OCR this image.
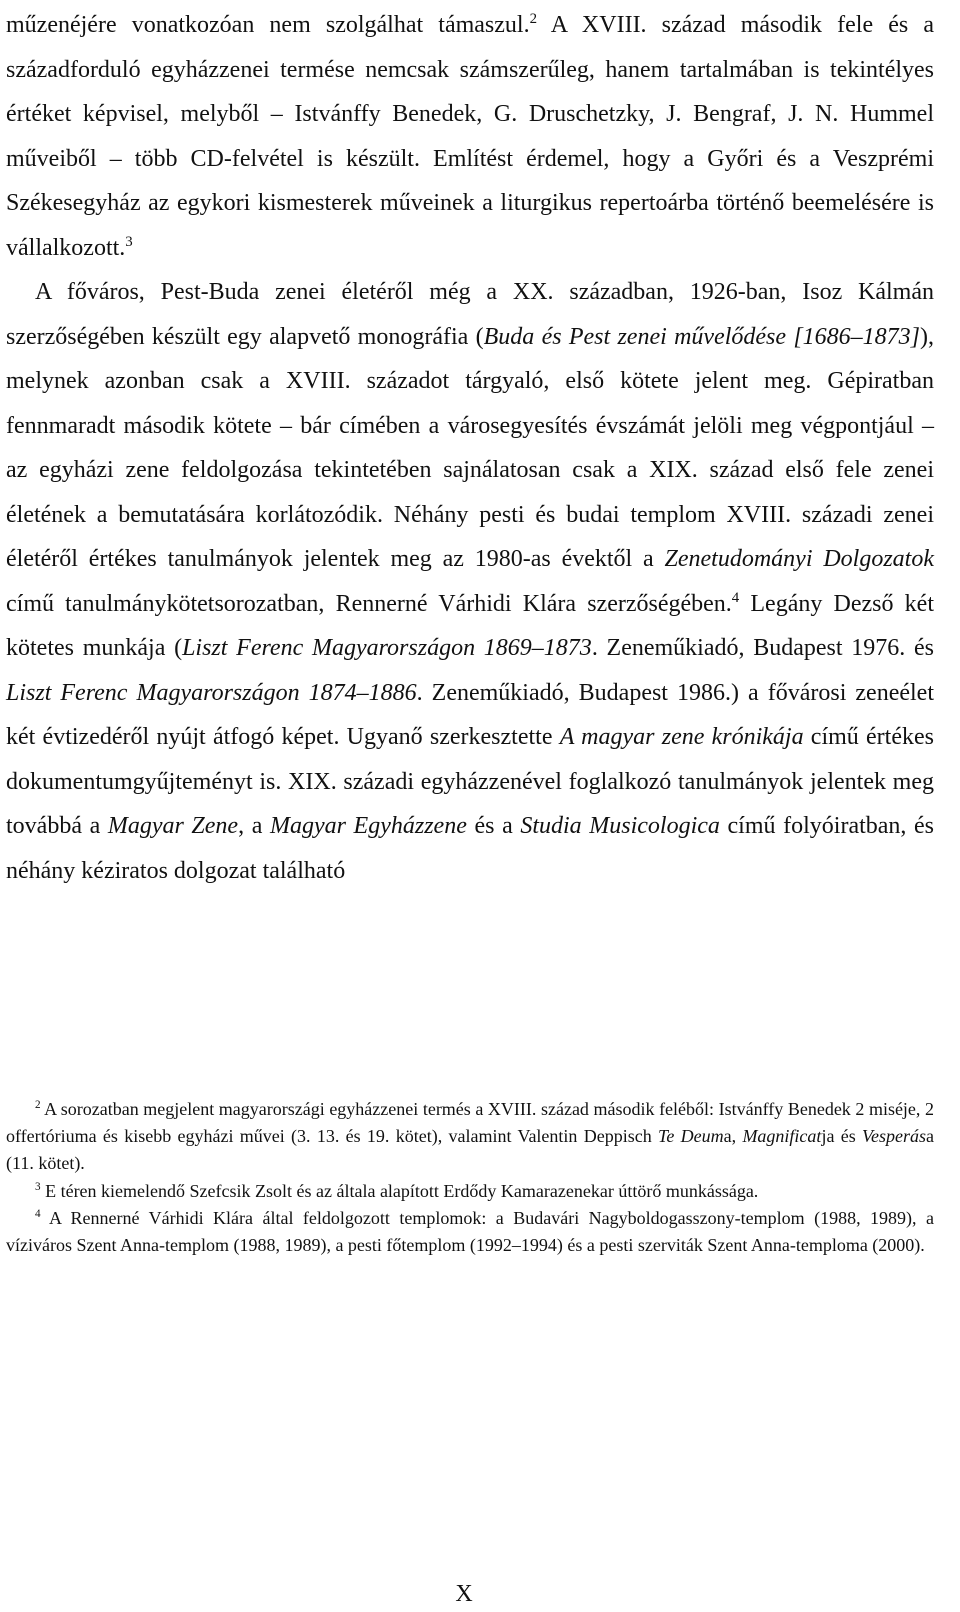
műzenéjére vonatkozóan nem szolgálhat támaszul.$^2$ A XVIII. század második fele és a századforduló egyházzenei termése nemcsak számszerűleg, hanem tartalmában is tekintélyes értéket képvisel, melyből – Istvánffy Benedek, G. Druschetzky, J. Bengraf, J. N. Hummel műveiből – több CD-felvétel is készült. Említést érdemel, hogy a Győri és a Veszprémi Székesegyház az egykori kismesterek műveinek a liturgikus repertoárba történő beemelésére is vállalkozott.$^3$

A főváros, Pest-Buda zenei életéről még a XX. században, 1926-ban, Isoz Kálmán szerzőségében készült egy alapvető monográfia (Buda és Pest zenei művelődése [1686–1873]), melynek azonban csak a XVIII. századot tárgyaló, első kötete jelent meg. Gépiratban fennmaradt második kötete – bár címében a városegyesítés évszámát jelöli meg végpontjául – az egyházi zene feldolgozása tekintetében sajnálatosan csak a XIX. század első fele zenei életének a bemutatására korlátozódik. Néhány pesti és budai templom XVIII. századi zenei életéről értékes tanulmányok jelentek meg az 1980-as évektől a Zenetudományi Dolgozatok című tanulmánykötetsorozatban, Rennerné Várhidi Klára szerzőségében.$^4$ Legány Dezső két kötetes munkája (Liszt Ferenc Magyarországon 1869–1873. Zeneműkiadó, Budapest 1976. és Liszt Ferenc Magyarországon 1874–1886. Zeneműkiadó, Budapest 1986.) a fővárosi zeneélet két évtizedéről nyújt átfogó képet. Ugyanő szerkesztette A magyar zene krónikája című értékes dokumentumgyűjteményt is. XIX. századi egyházzenével foglalkozó tanulmányok jelentek meg továbbá a Magyar Zene, a Magyar Egyházzene és a Studia Musicologica című folyóiratban, és néhány kéziratos dolgozat található

$^2$ A sorozatban megjelent magyarországi egyházzenei termés a XVIII. század második feléből: Istvánffy Benedek 2 miséje, 2 offertóriuma és kisebb egyházi művei (3. 13. és 19. kötet), valamint Valentin Deppisch Te Deuma, Magnificatja és Vesperása (11. kötet).

$^3$ E téren kiemelendő Szefcsik Zsolt és az általa alapított Erdődy Kamarazenekar úttörő munkássága.

$^4$ A Rennerné Várhidi Klára által feldolgozott templomok: a Budavári Nagyboldogasszony-templom (1988, 1989), a víziváros Szent Anna-templom (1988, 1989), a pesti főtemplom (1992–1994) és a pesti szerviták Szent Anna-temploma (2000).

X
